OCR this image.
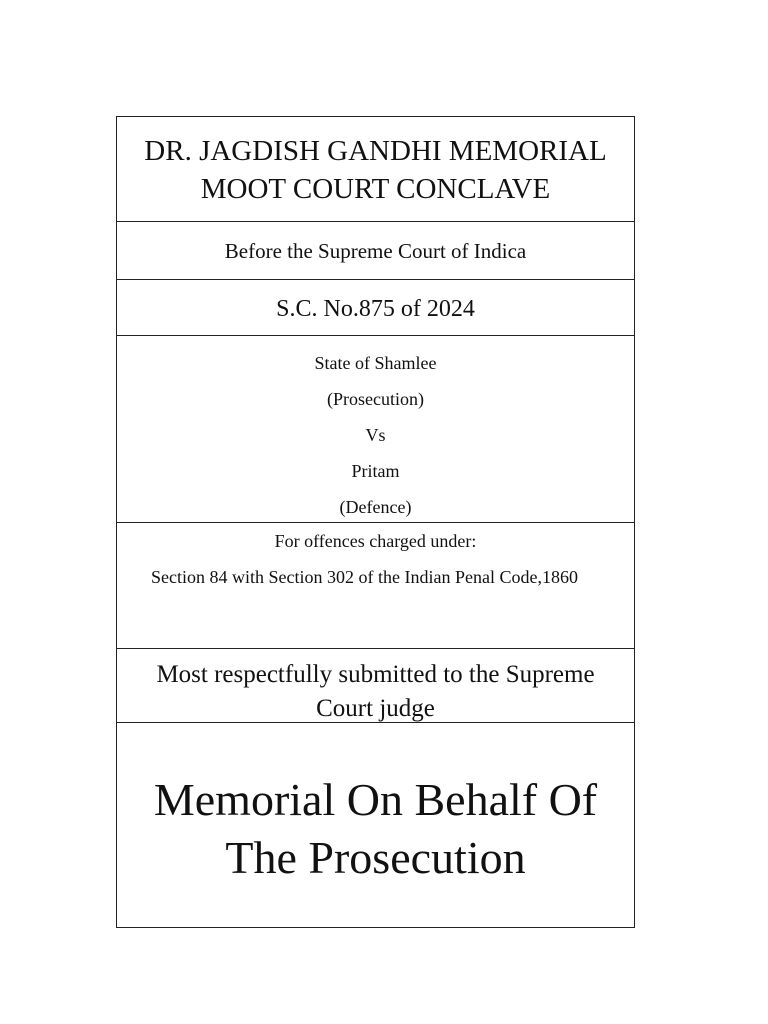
DR. JAGDISH GANDHI MEMORIAL
MOOT COURT CONCLAVE
Before the Supreme Court of Indica
S.C. No.875 of 2024
State of Shamlee
(Prosecution)
Vs
Pritam
(Defence)
For offences charged under:
Section 84 with Section 302 of the Indian Penal Code,1860
Most respectfully submitted to the Supreme
Court judge
Memorial On Behalf Of
The Prosecution
